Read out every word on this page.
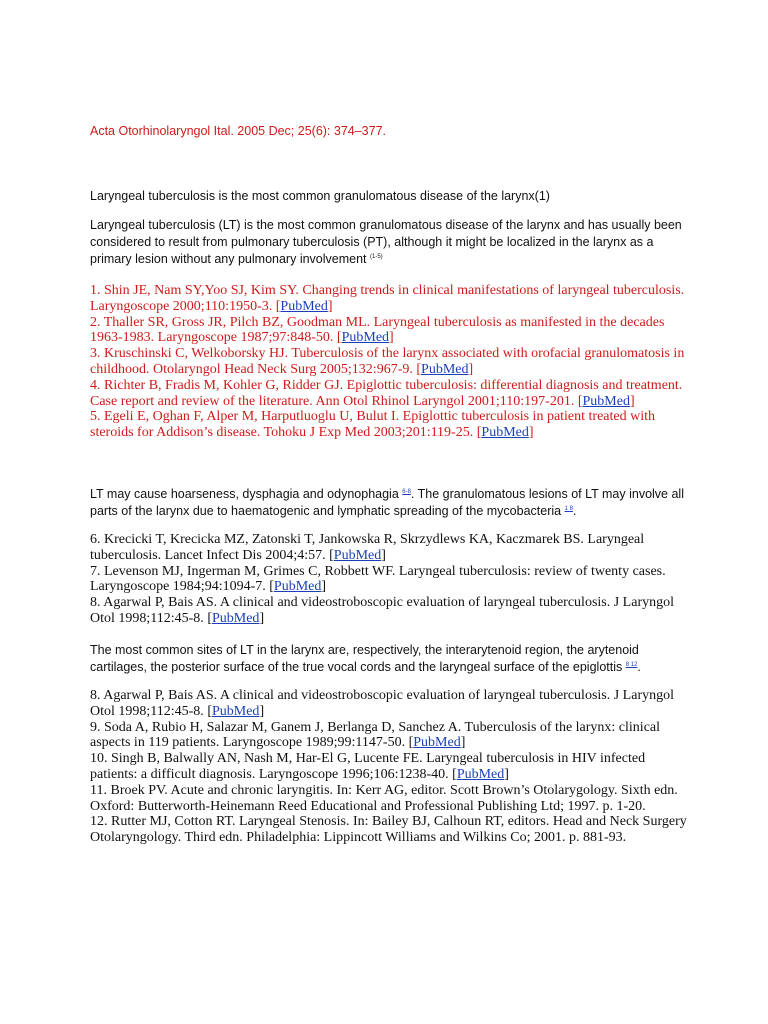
Acta Otorhinolaryngol Ital. 2005 Dec; 25(6): 374–377.

Laryngeal tuberculosis is the most common granulomatous disease of the larynx(1)

Laryngeal tuberculosis (LT) is the most common granulomatous disease of the larynx and has usually been considered to result from pulmonary tuberculosis (PT), although it might be localized in the larynx as a primary lesion without any pulmonary involvement $^{(1-5)}$

1. Shin JE, Nam SY,Yoo SJ, Kim SY. Changing trends in clinical manifestations of laryngeal tuberculosis. Laryngoscope 2000;110:1950-3. [PubMed]

2. Thaller SR, Gross JR, Pilch BZ, Goodman ML. Laryngeal tuberculosis as manifested in the decades 1963-1983. Laryngoscope 1987;97:848-50. [PubMed]

3. Kruschinski C, Welkoborsky HJ. Tuberculosis of the larynx associated with orofacial granulomatosis in childhood. Otolaryngol Head Neck Surg 2005;132:967-9. [PubMed]

4. Richter B, Fradis M, Kohler G, Ridder GJ. Epiglottic tuberculosis: differential diagnosis and treatment. Case report and review of the literature. Ann Otol Rhinol Laryngol 2001;110:197-201. [PubMed]

5. Egeli E, Oghan F, Alper M, Harputluoglu U, Bulut I. Epiglottic tuberculosis in patient treated with steroids for Addison’s disease. Tohoku J Exp Med 2003;201:119-25. [PubMed]

LT may cause hoarseness, dysphagia and odynophagia $^{6-8}$. The granulomatous lesions of LT may involve all parts of the larynx due to haematogenic and lymphatic spreading of the mycobacteria $^{1 8}$.

6. Krecicki T, Krecicka MZ, Zatonski T, Jankowska R, Skrzydlews KA, Kaczmarek BS. Laryngeal tuberculosis. Lancet Infect Dis 2004;4:57. [PubMed]

7. Levenson MJ, Ingerman M, Grimes C, Robbett WF. Laryngeal tuberculosis: review of twenty cases. Laryngoscope 1984;94:1094-7. [PubMed]

8. Agarwal P, Bais AS. A clinical and videostroboscopic evaluation of laryngeal tuberculosis. J Laryngol Otol 1998;112:45-8. [PubMed]

The most common sites of LT in the larynx are, respectively, the interarytenoid region, the arytenoid cartilages, the posterior surface of the true vocal cords and the laryngeal surface of the epiglottis $^{8 12}$.

8. Agarwal P, Bais AS. A clinical and videostroboscopic evaluation of laryngeal tuberculosis. J Laryngol Otol 1998;112:45-8. [PubMed]

9. Soda A, Rubio H, Salazar M, Ganem J, Berlanga D, Sanchez A. Tuberculosis of the larynx: clinical aspects in 119 patients. Laryngoscope 1989;99:1147-50. [PubMed]

10. Singh B, Balwally AN, Nash M, Har-El G, Lucente FE. Laryngeal tuberculosis in HIV infected patients: a difficult diagnosis. Laryngoscope 1996;106:1238-40. [PubMed]

11. Broek PV. Acute and chronic laryngitis. In: Kerr AG, editor. Scott Brown’s Otolarygology. Sixth edn. Oxford: Butterworth-Heinemann Reed Educational and Professional Publishing Ltd; 1997. p. 1-20.

12. Rutter MJ, Cotton RT. Laryngeal Stenosis. In: Bailey BJ, Calhoun RT, editors. Head and Neck Surgery Otolaryngology. Third edn. Philadelphia: Lippincott Williams and Wilkins Co; 2001. p. 881-93.
